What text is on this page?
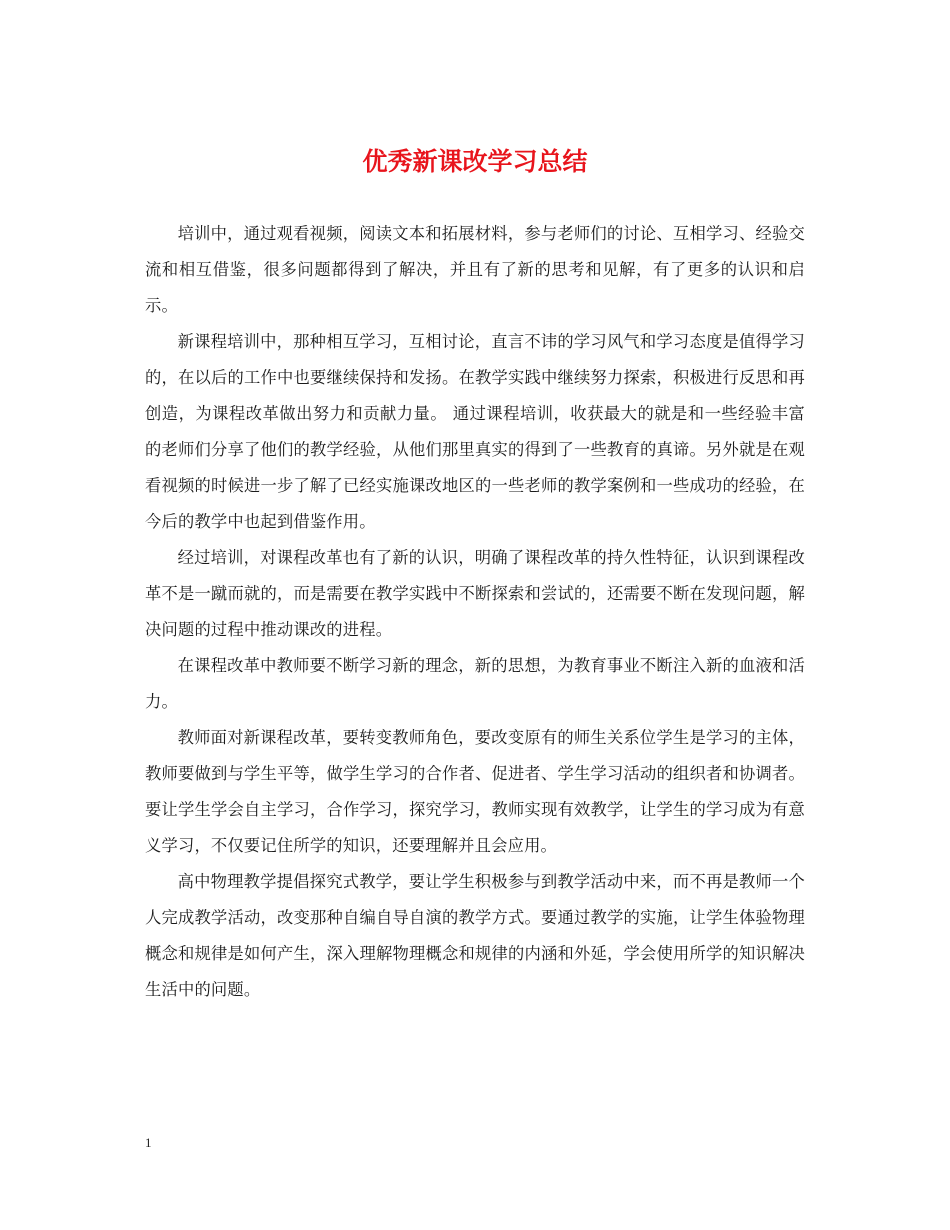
优秀新课改学习总结

培训中，通过观看视频，阅读文本和拓展材料，参与老师们的讨论、互相学习、经验交流和相互借鉴，很多问题都得到了解决，并且有了新的思考和见解，有了更多的认识和启示。

新课程培训中，那种相互学习，互相讨论，直言不讳的学习风气和学习态度是值得学习的，在以后的工作中也要继续保持和发扬。在教学实践中继续努力探索，积极进行反思和再创造，为课程改革做出努力和贡献力量。 通过课程培训，收获最大的就是和一些经验丰富的老师们分享了他们的教学经验，从他们那里真实的得到了一些教育的真谛。另外就是在观看视频的时候进一步了解了已经实施课改地区的一些老师的教学案例和一些成功的经验，在今后的教学中也起到借鉴作用。

经过培训，对课程改革也有了新的认识，明确了课程改革的持久性特征，认识到课程改革不是一蹴而就的，而是需要在教学实践中不断探索和尝试的，还需要不断在发现问题，解决问题的过程中推动课改的进程。

在课程改革中教师要不断学习新的理念，新的思想，为教育事业不断注入新的血液和活力。

教师面对新课程改革，要转变教师角色，要改变原有的师生关系位学生是学习的主体，教师要做到与学生平等，做学生学习的合作者、促进者、学生学习活动的组织者和协调者。要让学生学会自主学习，合作学习，探究学习，教师实现有效教学，让学生的学习成为有意义学习，不仅要记住所学的知识，还要理解并且会应用。

高中物理教学提倡探究式教学，要让学生积极参与到教学活动中来，而不再是教师一个人完成教学活动，改变那种自编自导自演的教学方式。要通过教学的实施，让学生体验物理概念和规律是如何产生，深入理解物理概念和规律的内涵和外延，学会使用所学的知识解决生活中的问题。

1
